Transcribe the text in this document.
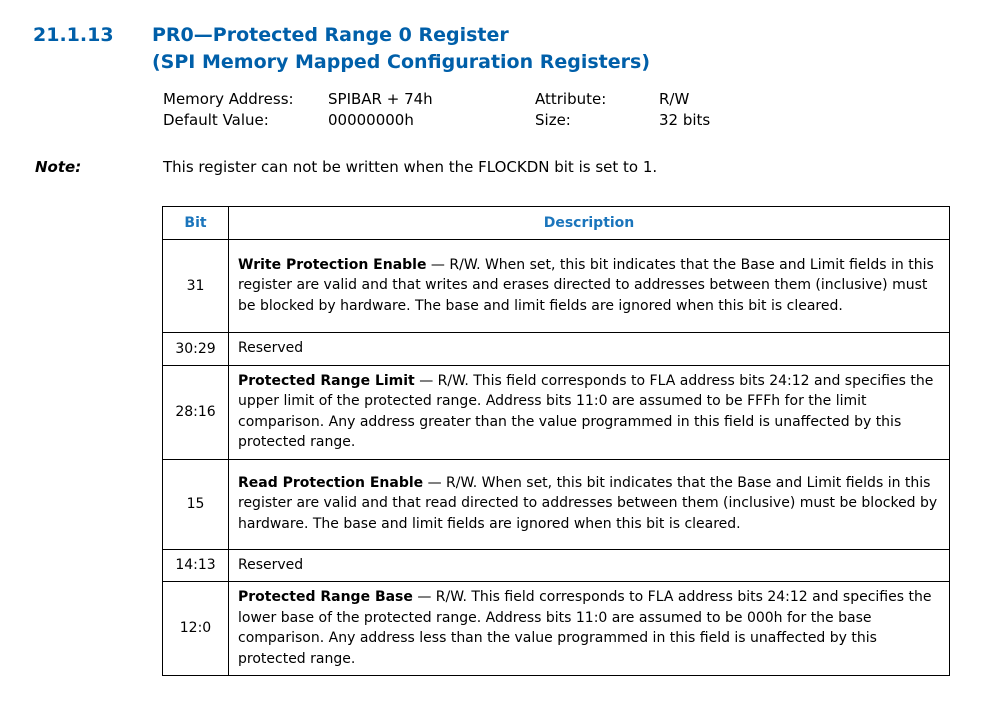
21.1.13	PR0—Protected Range 0 Register
(SPI Memory Mapped Configuration Registers)
Memory Address:	SPIBAR + 74h	Attribute:	R/W
Default Value:	00000000h	Size:	32 bits
Note:	This register can not be written when the FLOCKDN bit is set to 1.
Bit	Description
31	Write Protection Enable — R/W. When set, this bit indicates that the Base and Limit fields in this register are valid and that writes and erases directed to addresses between them (inclusive) must be blocked by hardware. The base and limit fields are ignored when this bit is cleared.
30:29	Reserved
28:16	Protected Range Limit — R/W. This field corresponds to FLA address bits 24:12 and specifies the upper limit of the protected range. Address bits 11:0 are assumed to be FFFh for the limit comparison. Any address greater than the value programmed in this field is unaffected by this protected range.
15	Read Protection Enable — R/W. When set, this bit indicates that the Base and Limit fields in this register are valid and that read directed to addresses between them (inclusive) must be blocked by hardware. The base and limit fields are ignored when this bit is cleared.
14:13	Reserved
12:0	Protected Range Base — R/W. This field corresponds to FLA address bits 24:12 and specifies the lower base of the protected range. Address bits 11:0 are assumed to be 000h for the base comparison. Any address less than the value programmed in this field is unaffected by this protected range.
